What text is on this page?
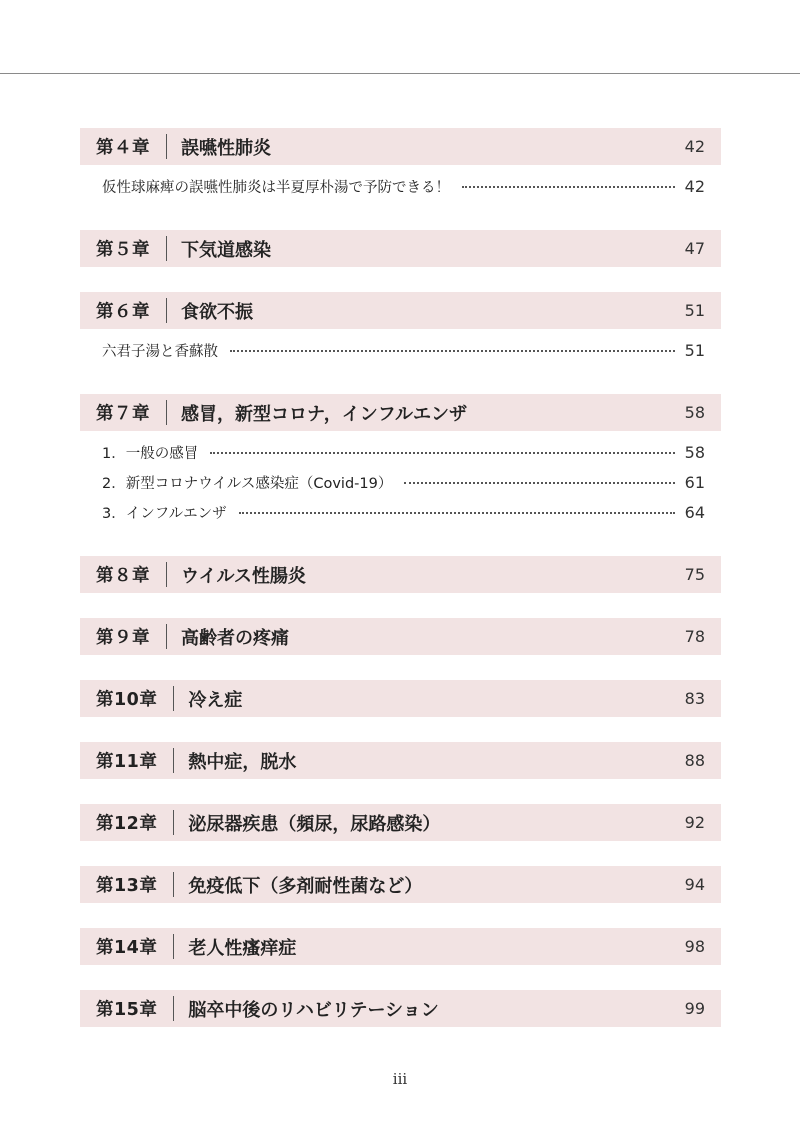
第４章 誤嚥性肺炎	42
仮性球麻痺の誤嚥性肺炎は半夏厚朴湯で予防できる！	42
第５章 下気道感染	47
第６章 食欲不振	51
六君子湯と香蘇散	51
第７章 感冒，新型コロナ，インフルエンザ	58
1．一般の感冒	58
2．新型コロナウイルス感染症（Covid-19）	61
3．インフルエンザ	64
第８章 ウイルス性腸炎	75
第９章 高齢者の疼痛	78
第10章 冷え症	83
第11章 熱中症，脱水	88
第12章 泌尿器疾患（頻尿，尿路感染）	92
第13章 免疫低下（多剤耐性菌など）	94
第14章 老人性瘙痒症	98
第15章 脳卒中後のリハビリテーション	99
iii
